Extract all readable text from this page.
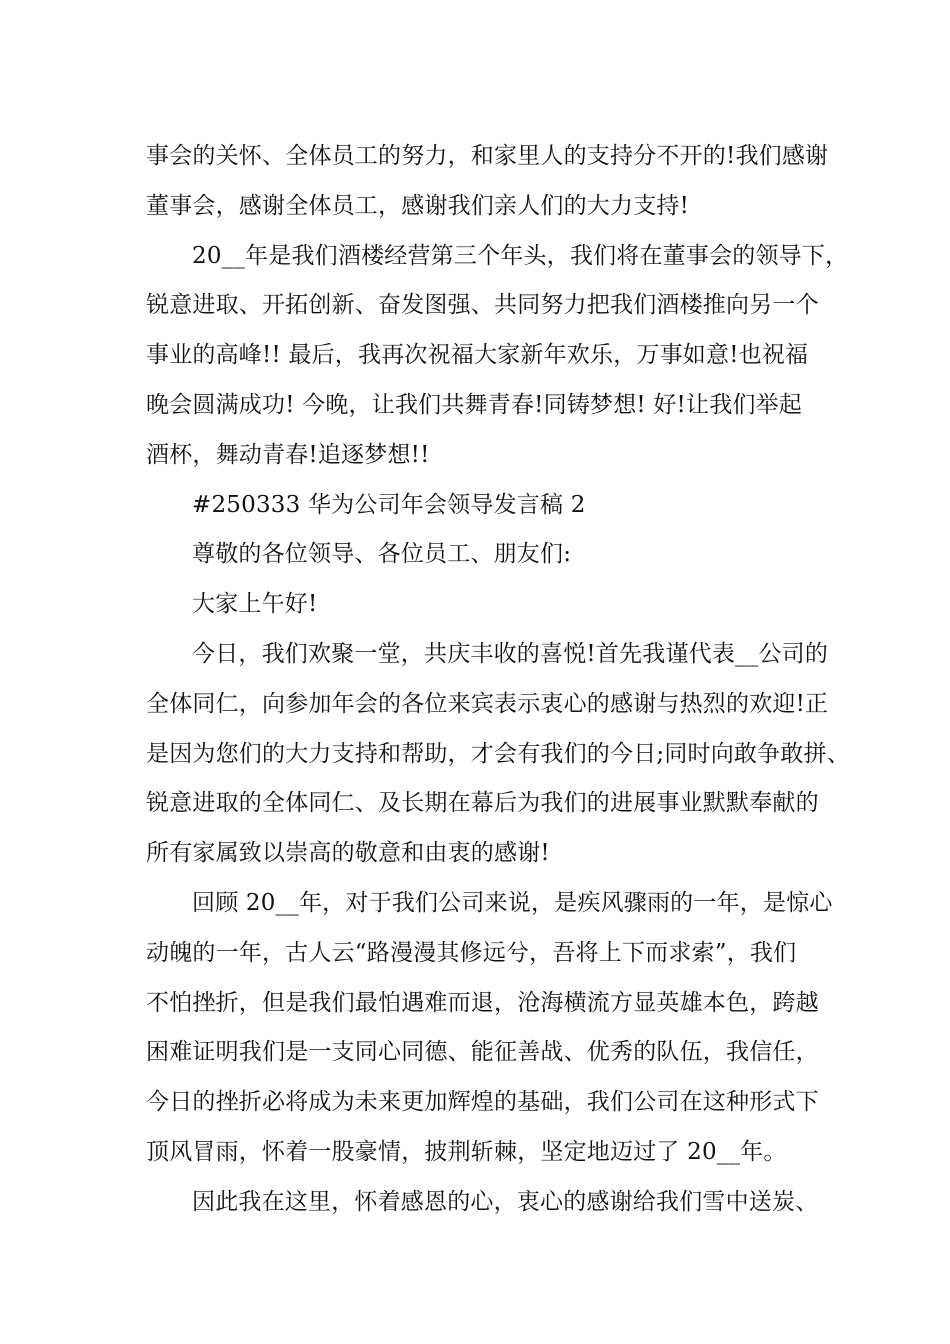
事会的关怀、全体员工的努力，和家里人的支持分不开的!我们感谢
董事会，感谢全体员工，感谢我们亲人们的大力支持!
20__年是我们酒楼经营第三个年头，我们将在董事会的领导下，
锐意进取、开拓创新、奋发图强、共同努力把我们酒楼推向另一个
事业的高峰!! 最后，我再次祝福大家新年欢乐，万事如意!也祝福
晚会圆满成功! 今晚，让我们共舞青春!同铸梦想! 好!让我们举起
酒杯，舞动青春!追逐梦想!!
#250333 华为公司年会领导发言稿 2
尊敬的各位领导、各位员工、朋友们:
大家上午好!
今日，我们欢聚一堂，共庆丰收的喜悦!首先我谨代表__公司的
全体同仁，向参加年会的各位来宾表示衷心的感谢与热烈的欢迎!正
是因为您们的大力支持和帮助，才会有我们的今日;同时向敢争敢拼、
锐意进取的全体同仁、及长期在幕后为我们的进展事业默默奉献的
所有家属致以崇高的敬意和由衷的感谢!
回顾 20__年，对于我们公司来说，是疾风骤雨的一年，是惊心
动魄的一年，古人云“路漫漫其修远兮，吾将上下而求索”，我们
不怕挫折，但是我们最怕遇难而退，沧海横流方显英雄本色，跨越
困难证明我们是一支同心同德、能征善战、优秀的队伍，我信任，
今日的挫折必将成为未来更加辉煌的基础，我们公司在这种形式下
顶风冒雨，怀着一股豪情，披荆斩棘，坚定地迈过了 20__年。
因此我在这里，怀着感恩的心，衷心的感谢给我们雪中送炭、
